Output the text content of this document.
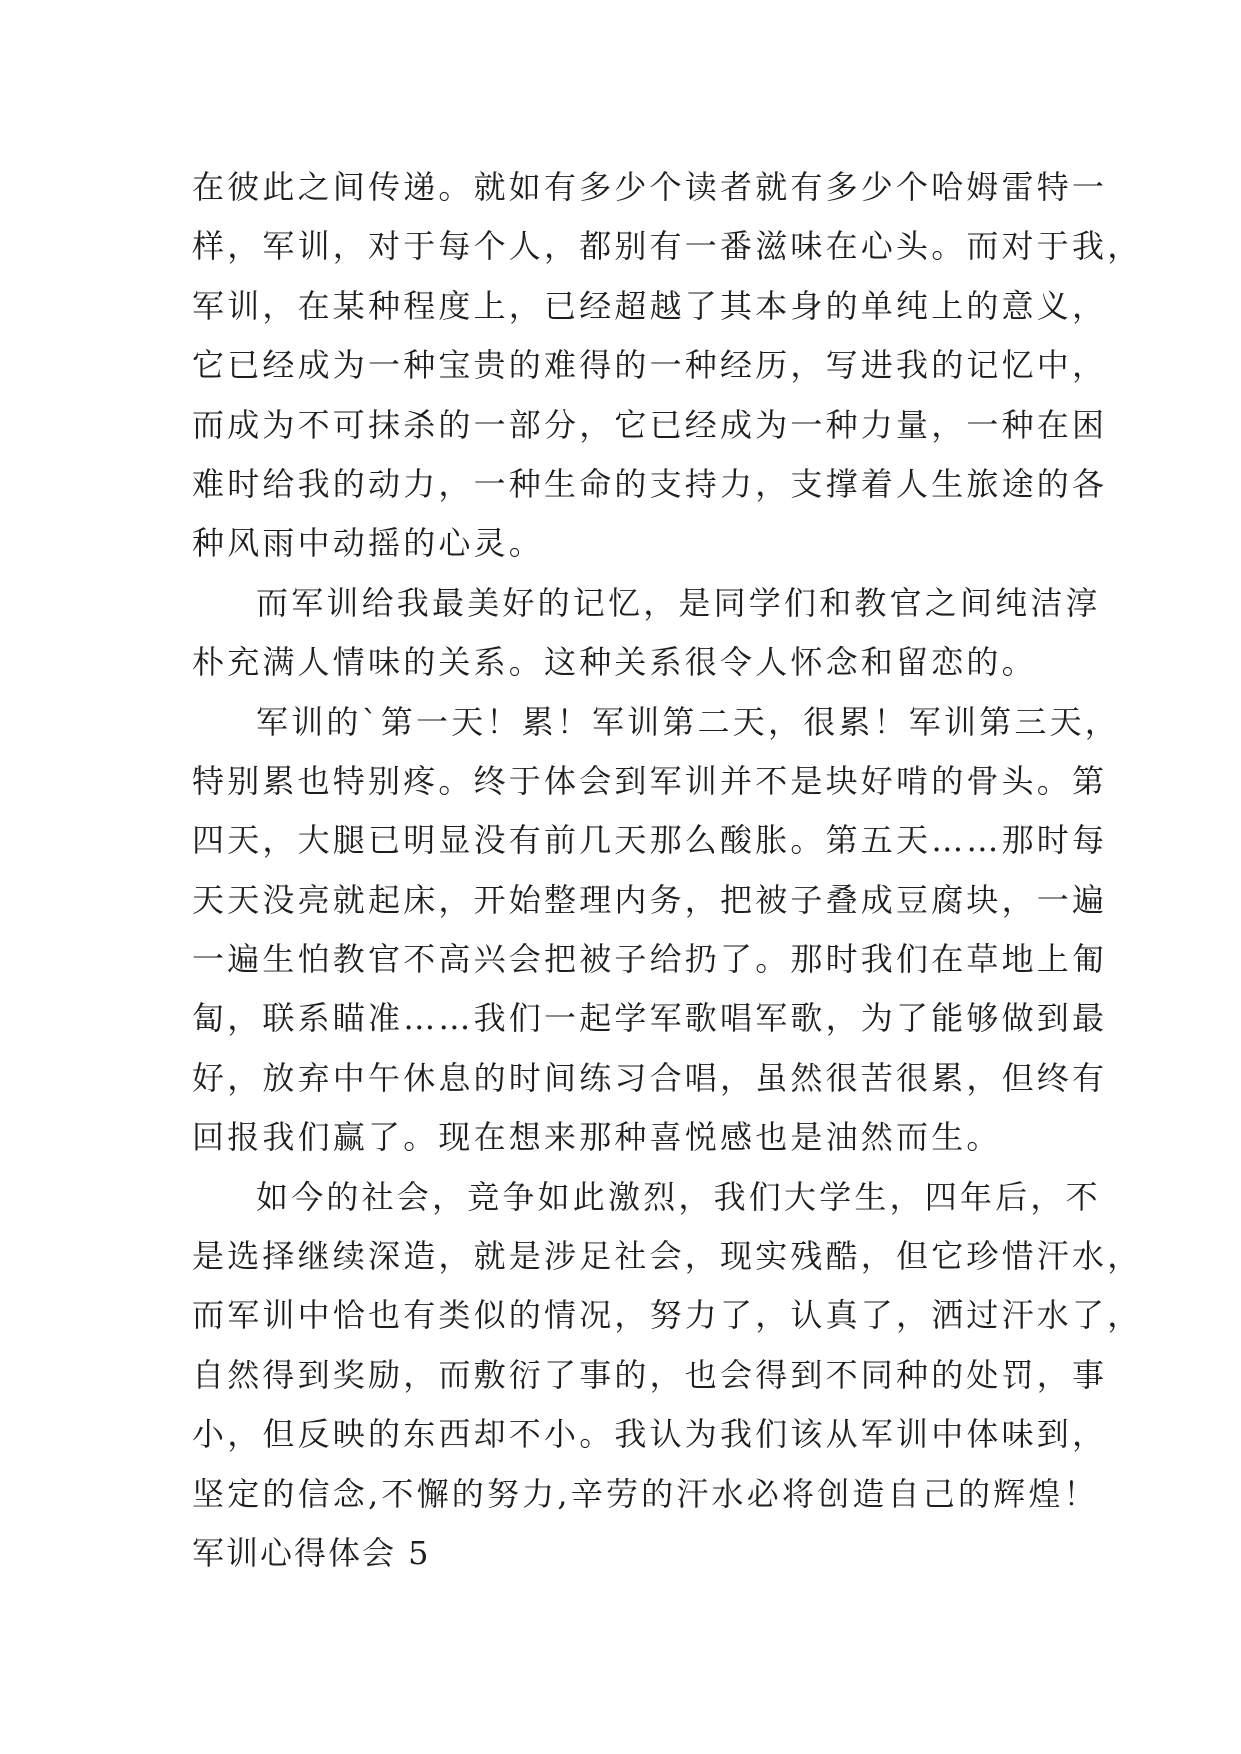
在彼此之间传递。就如有多少个读者就有多少个哈姆雷特一
样，军训，对于每个人，都别有一番滋味在心头。而对于我，
军训，在某种程度上，已经超越了其本身的单纯上的意义，
它已经成为一种宝贵的难得的一种经历，写进我的记忆中，
而成为不可抹杀的一部分，它已经成为一种力量，一种在困
难时给我的动力，一种生命的支持力，支撑着人生旅途的各
种风雨中动摇的心灵。
而军训给我最美好的记忆，是同学们和教官之间纯洁淳
朴充满人情味的关系。这种关系很令人怀念和留恋的。
军训的`第一天！累！军训第二天，很累！军训第三天，
特别累也特别疼。终于体会到军训并不是块好啃的骨头。第
四天，大腿已明显没有前几天那么酸胀。第五天……那时每
天天没亮就起床，开始整理内务，把被子叠成豆腐块，一遍
一遍生怕教官不高兴会把被子给扔了。那时我们在草地上匍
匐，联系瞄准……我们一起学军歌唱军歌，为了能够做到最
好，放弃中午休息的时间练习合唱，虽然很苦很累，但终有
回报我们赢了。现在想来那种喜悦感也是油然而生。
如今的社会，竞争如此激烈，我们大学生，四年后，不
是选择继续深造，就是涉足社会，现实残酷，但它珍惜汗水，
而军训中恰也有类似的情况，努力了，认真了，洒过汗水了，
自然得到奖励，而敷衍了事的，也会得到不同种的处罚，事
小，但反映的东西却不小。我认为我们该从军训中体味到，
坚定的信念,不懈的努力,辛劳的汗水必将创造自己的辉煌！
军训心得体会 5
